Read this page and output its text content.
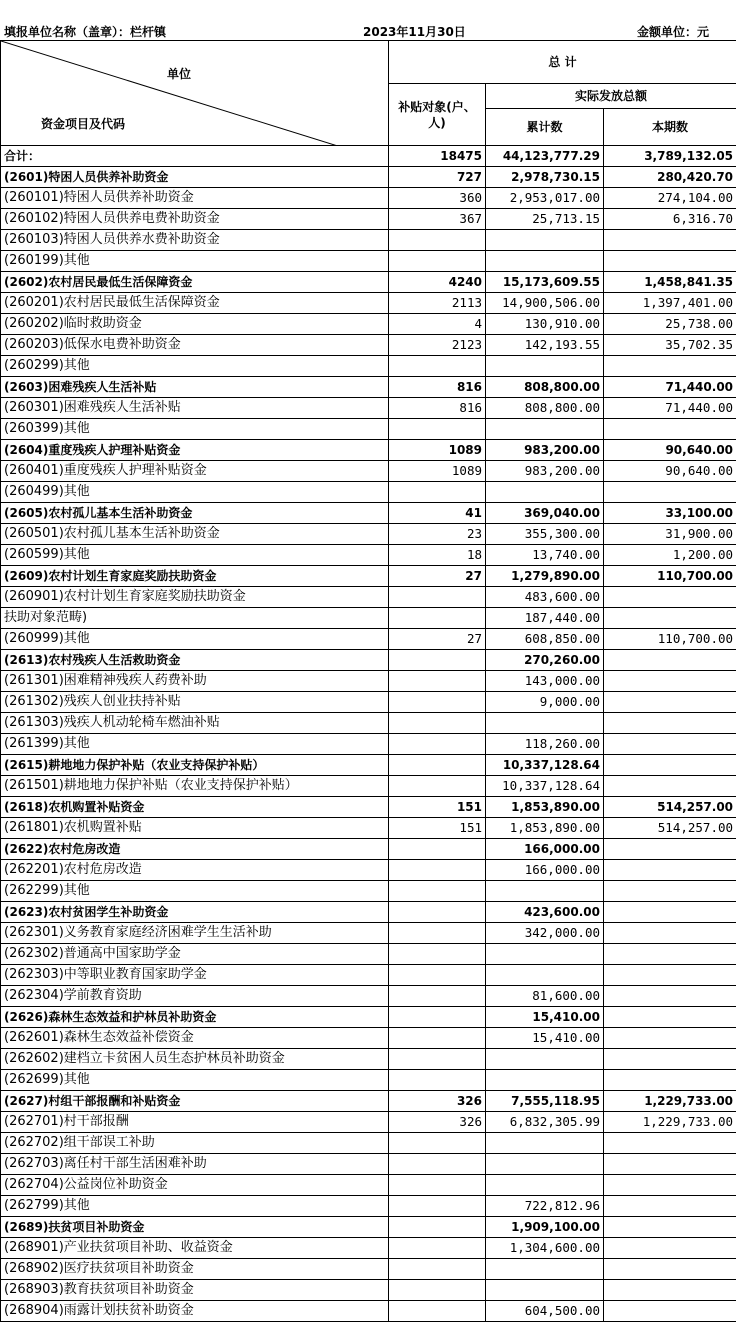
填报单位名称（盖章）：栏杆镇	2023年11月30日	金额单位：元
单位
资金项目及代码	总 计		
	补贴对象(户、人)	实际发放总额	
		累计数	本期数
合计：	18475	44,123,777.29	3,789,132.05
(2601)特困人员供养补助资金	727	2,978,730.15	280,420.70
(260101)特困人员供养补助资金	360	2,953,017.00	274,104.00
(260102)特困人员供养电费补助资金	367	25,713.15	6,316.70
(260103)特困人员供养水费补助资金			
(260199)其他			
(2602)农村居民最低生活保障资金	4240	15,173,609.55	1,458,841.35
(260201)农村居民最低生活保障资金	2113	14,900,506.00	1,397,401.00
(260202)临时救助资金	4	130,910.00	25,738.00
(260203)低保水电费补助资金	2123	142,193.55	35,702.35
(260299)其他			
(2603)困难残疾人生活补贴	816	808,800.00	71,440.00
(260301)困难残疾人生活补贴	816	808,800.00	71,440.00
(260399)其他			
(2604)重度残疾人护理补贴资金	1089	983,200.00	90,640.00
(260401)重度残疾人护理补贴资金	1089	983,200.00	90,640.00
(260499)其他			
(2605)农村孤儿基本生活补助资金	41	369,040.00	33,100.00
(260501)农村孤儿基本生活补助资金	23	355,300.00	31,900.00
(260599)其他	18	13,740.00	1,200.00
(2609)农村计划生育家庭奖励扶助资金	27	1,279,890.00	110,700.00
(260901)农村计划生育家庭奖励扶助资金		483,600.00	
扶助对象范畴)		187,440.00	
(260999)其他	27	608,850.00	110,700.00
(2613)农村残疾人生活救助资金		270,260.00	
(261301)困难精神残疾人药费补助		143,000.00	
(261302)残疾人创业扶持补贴		9,000.00	
(261303)残疾人机动轮椅车燃油补贴			
(261399)其他		118,260.00	
(2615)耕地地力保护补贴（农业支持保护补贴）		10,337,128.64	
(261501)耕地地力保护补贴（农业支持保护补贴）		10,337,128.64	
(2618)农机购置补贴资金	151	1,853,890.00	514,257.00
(261801)农机购置补贴	151	1,853,890.00	514,257.00
(2622)农村危房改造		166,000.00	
(262201)农村危房改造		166,000.00	
(262299)其他			
(2623)农村贫困学生补助资金		423,600.00	
(262301)义务教育家庭经济困难学生生活补助		342,000.00	
(262302)普通高中国家助学金			
(262303)中等职业教育国家助学金			
(262304)学前教育资助		81,600.00	
(2626)森林生态效益和护林员补助资金		15,410.00	
(262601)森林生态效益补偿资金		15,410.00	
(262602)建档立卡贫困人员生态护林员补助资金			
(262699)其他			
(2627)村组干部报酬和补贴资金	326	7,555,118.95	1,229,733.00
(262701)村干部报酬	326	6,832,305.99	1,229,733.00
(262702)组干部误工补助			
(262703)离任村干部生活困难补助			
(262704)公益岗位补助资金			
(262799)其他		722,812.96	
(2689)扶贫项目补助资金		1,909,100.00	
(268901)产业扶贫项目补助、收益资金		1,304,600.00	
(268902)医疗扶贫项目补助资金			
(268903)教育扶贫项目补助资金			
(268904)雨露计划扶贫补助资金		604,500.00	
